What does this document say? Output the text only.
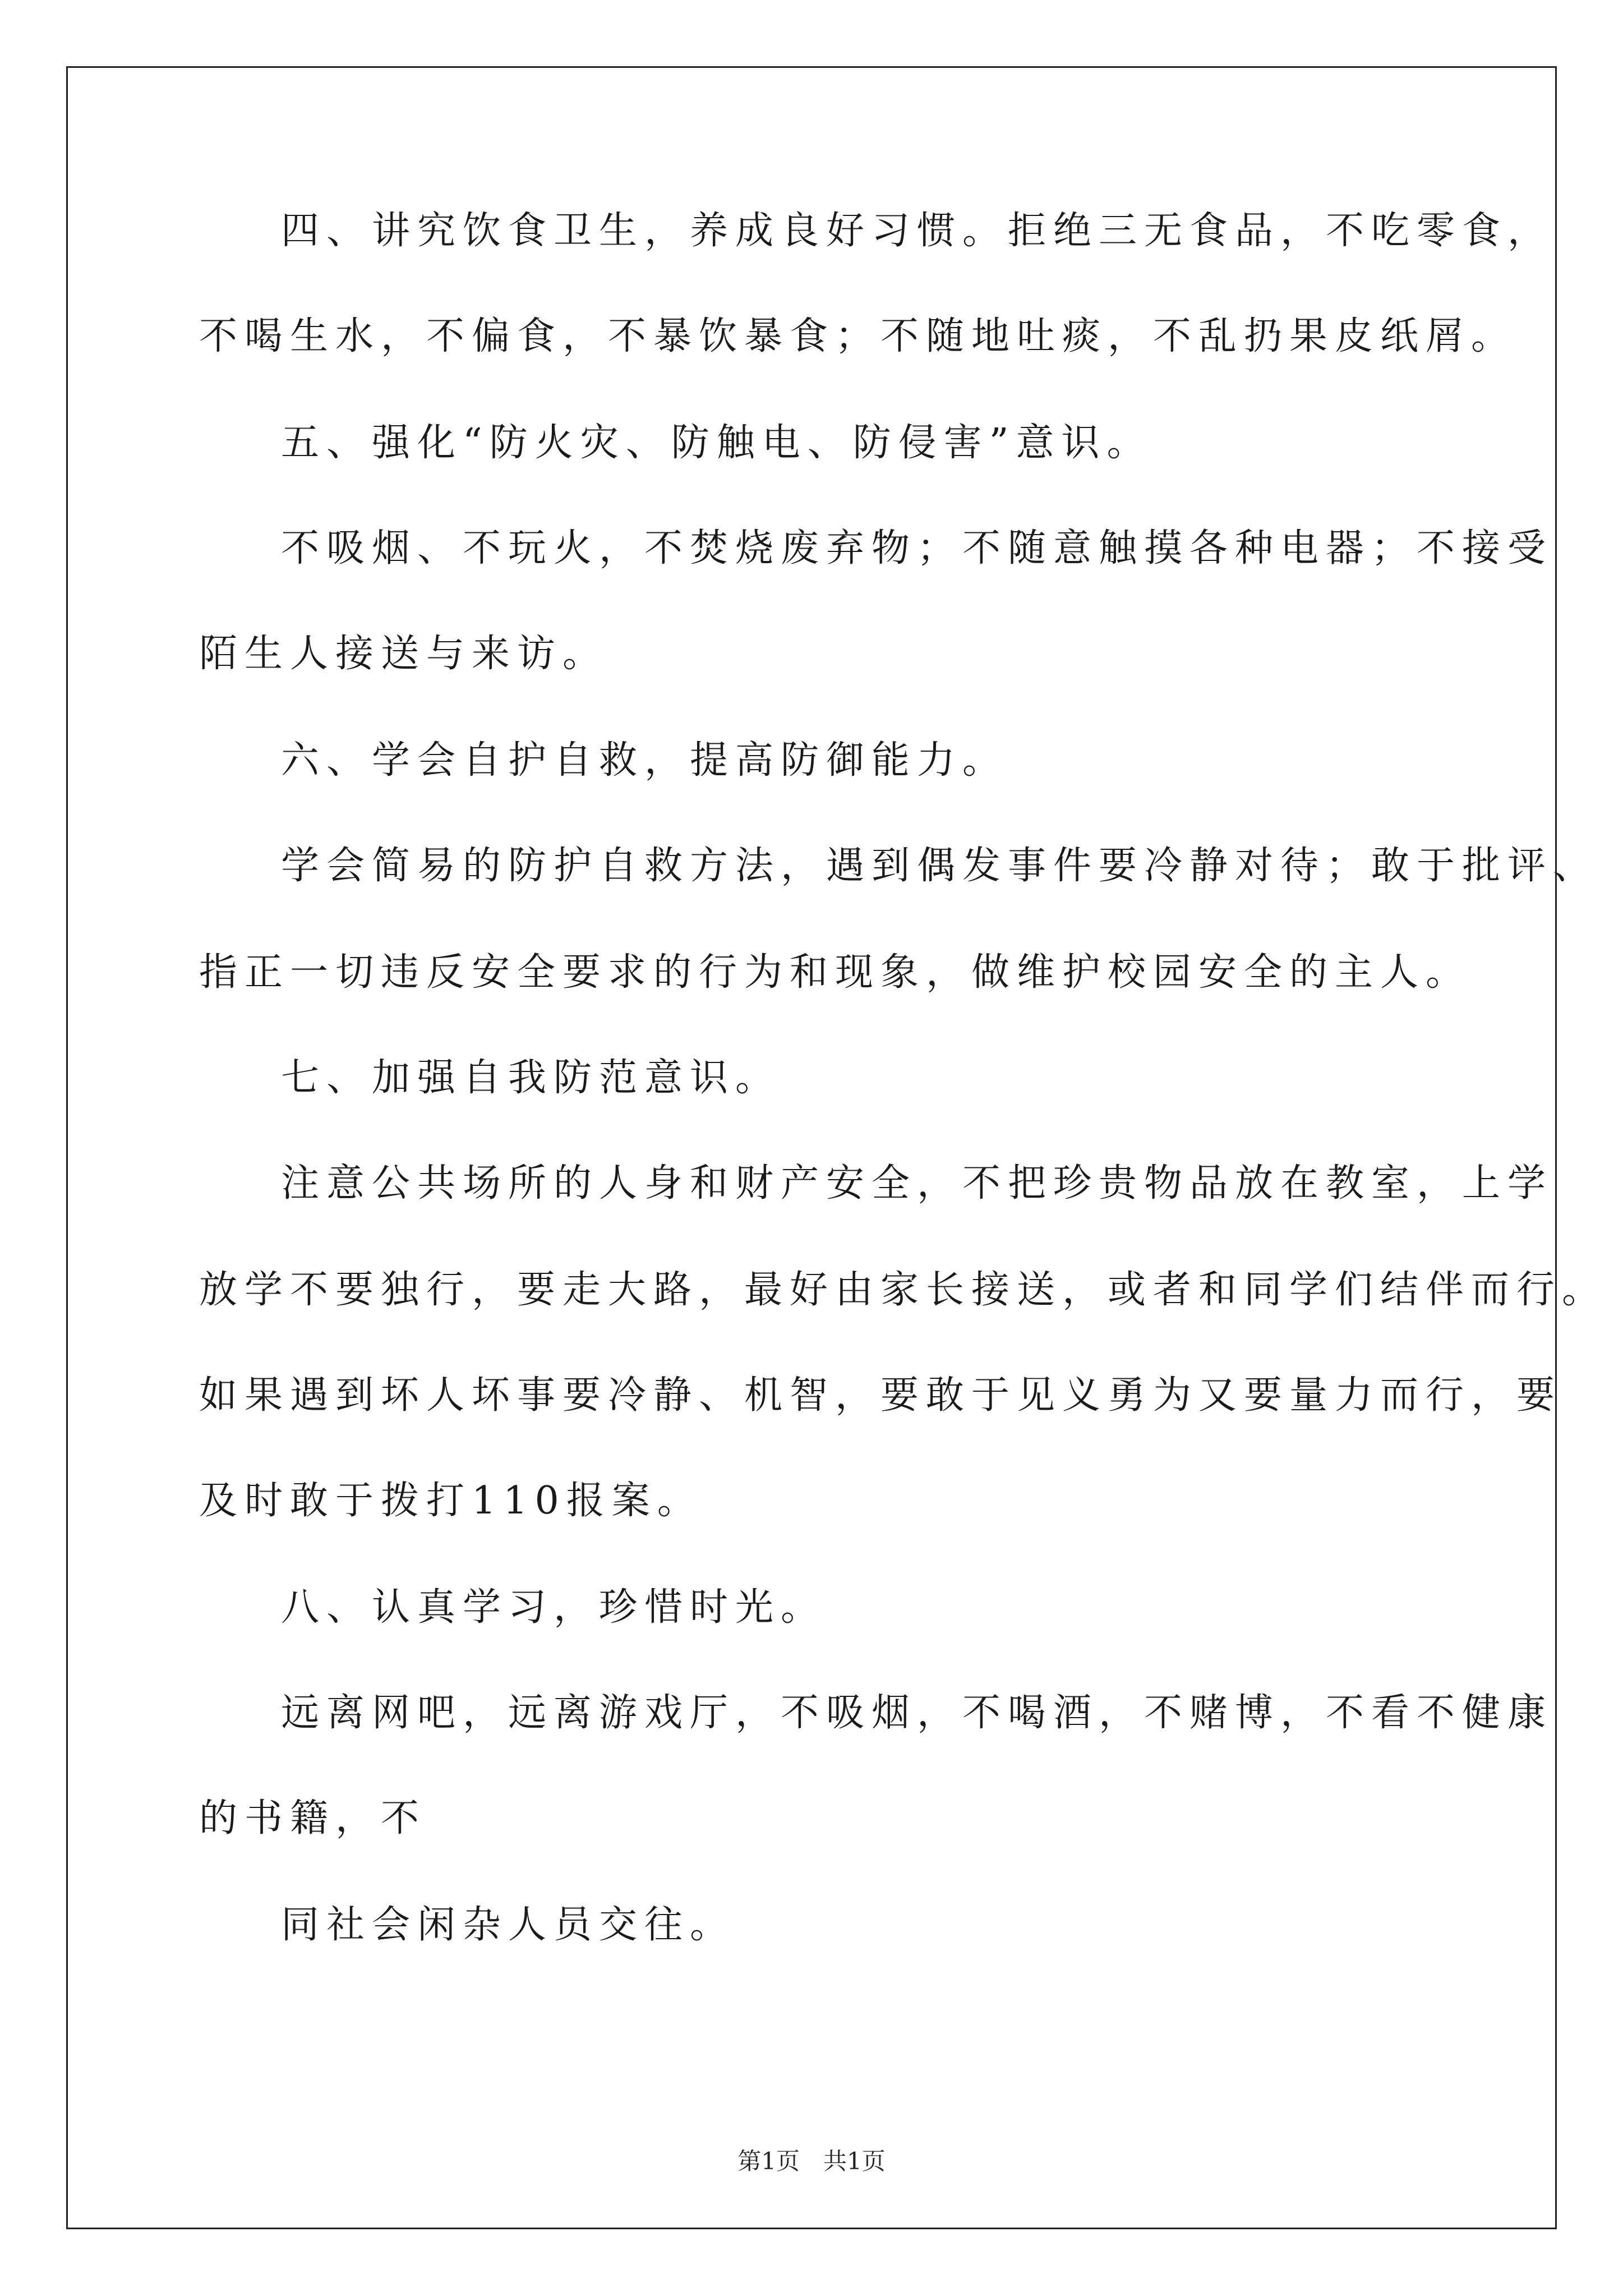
四、讲究饮食卫生，养成良好习惯。拒绝三无食品，不吃零食，
不喝生水，不偏食，不暴饮暴食；不随地吐痰，不乱扔果皮纸屑。
五、强化“防火灾、防触电、防侵害”意识。
不吸烟、不玩火，不焚烧废弃物；不随意触摸各种电器；不接受
陌生人接送与来访。
六、学会自护自救，提高防御能力。
学会简易的防护自救方法，遇到偶发事件要冷静对待；敢于批评、
指正一切违反安全要求的行为和现象，做维护校园安全的主人。
七、加强自我防范意识。
注意公共场所的人身和财产安全，不把珍贵物品放在教室，上学
放学不要独行，要走大路，最好由家长接送，或者和同学们结伴而行。
如果遇到坏人坏事要冷静、机智，要敢于见义勇为又要量力而行，要
及时敢于拨打110报案。
八、认真学习，珍惜时光。
远离网吧，远离游戏厅，不吸烟，不喝酒，不赌博，不看不健康
的书籍，不
同社会闲杂人员交往。
第1页　共1页
